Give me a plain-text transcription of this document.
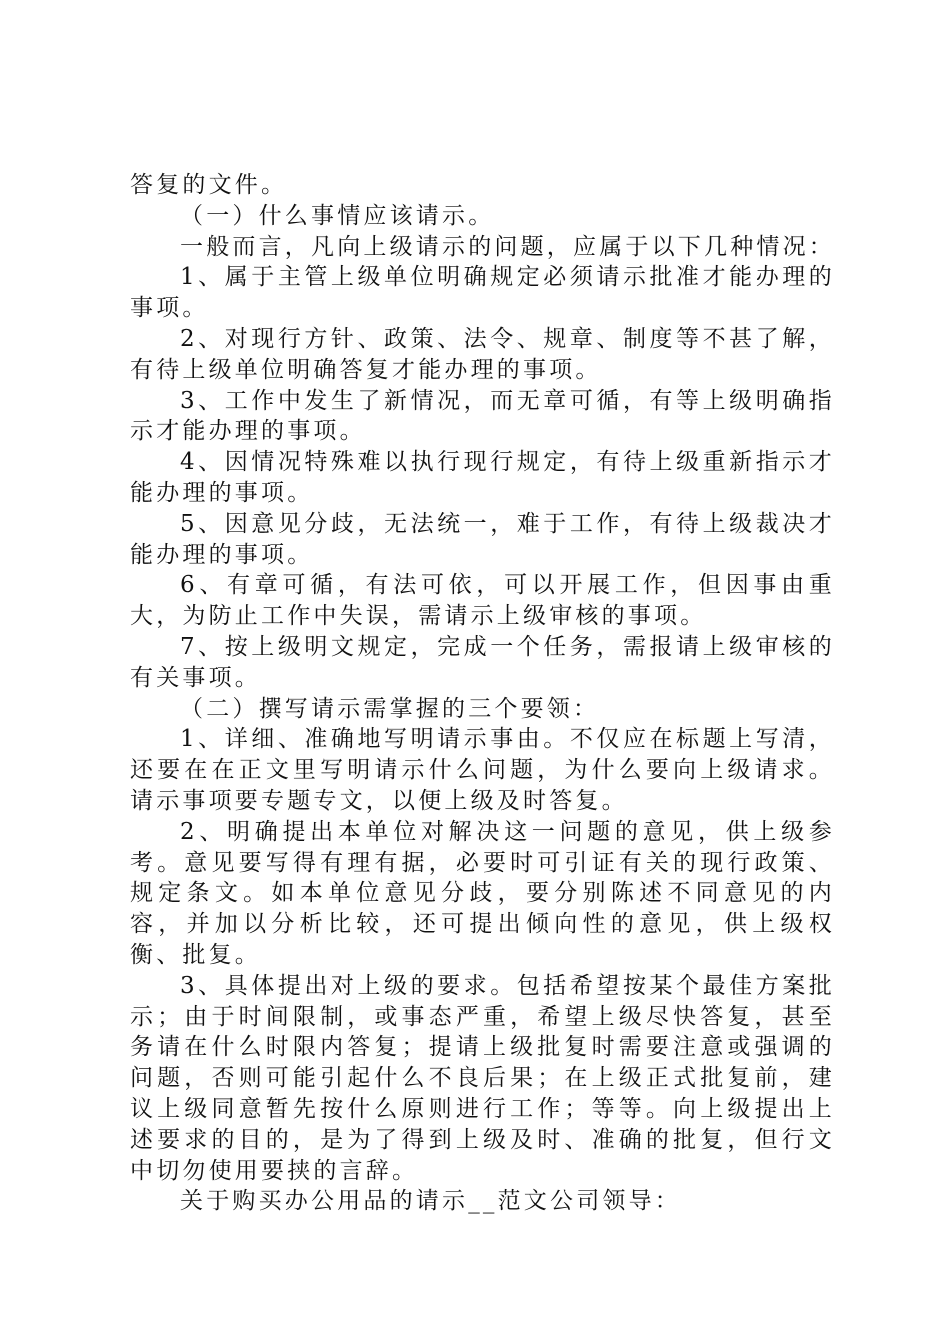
答复的文件。

（一）什么事情应该请示。

一般而言，凡向上级请示的问题，应属于以下几种情况：

1、属于主管上级单位明确规定必须请示批准才能办理的事项。

2、对现行方针、政策、法令、规章、制度等不甚了解，有待上级单位明确答复才能办理的事项。

3、工作中发生了新情况，而无章可循，有等上级明确指示才能办理的事项。

4、因情况特殊难以执行现行规定，有待上级重新指示才能办理的事项。

5、因意见分歧，无法统一，难于工作，有待上级裁决才能办理的事项。

6、有章可循，有法可依，可以开展工作，但因事由重大，为防止工作中失误，需请示上级审核的事项。

7、按上级明文规定，完成一个任务，需报请上级审核的有关事项。

（二）撰写请示需掌握的三个要领：

1、详细、准确地写明请示事由。不仅应在标题上写清，还要在在正文里写明请示什么问题，为什么要向上级请求。请示事项要专题专文，以便上级及时答复。

2、明确提出本单位对解决这一问题的意见，供上级参考。意见要写得有理有据，必要时可引证有关的现行政策、规定条文。如本单位意见分歧，要分别陈述不同意见的内容，并加以分析比较，还可提出倾向性的意见，供上级权衡、批复。

3、具体提出对上级的要求。包括希望按某个最佳方案批示；由于时间限制，或事态严重，希望上级尽快答复，甚至务请在什么时限内答复；提请上级批复时需要注意或强调的问题，否则可能引起什么不良后果；在上级正式批复前，建议上级同意暂先按什么原则进行工作；等等。向上级提出上述要求的目的，是为了得到上级及时、准确的批复，但行文中切勿使用要挟的言辞。

关于购买办公用品的请示__范文公司领导：
